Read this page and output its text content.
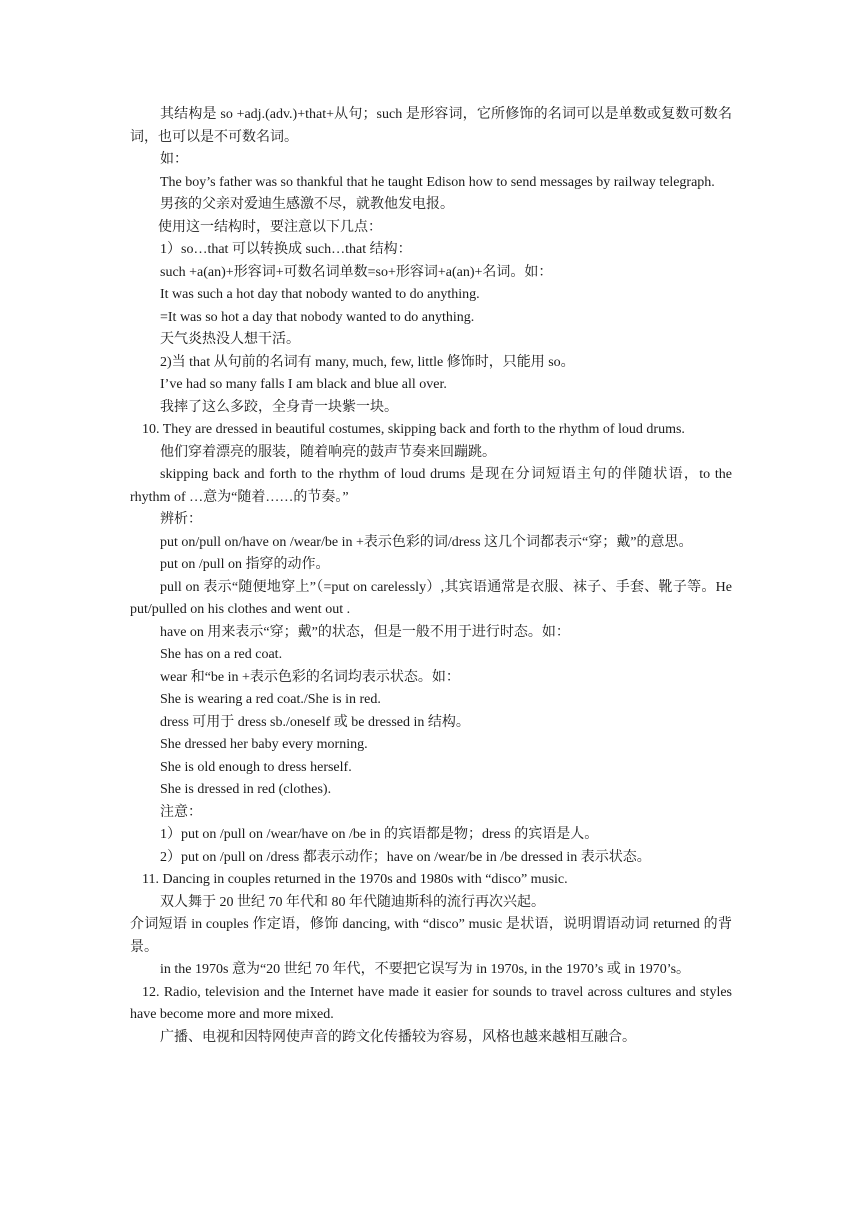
其结构是 so +adj.(adv.)+that+从句；such 是形容词，它所修饰的名词可以是单数或复数可数名词，也可以是不可数名词。

如：

The boy’s father was so thankful that he taught Edison how to send messages by railway telegraph.

男孩的父亲对爱迪生感激不尽，就教他发电报。

使用这一结构时，要注意以下几点：

1）so…that 可以转换成 such…that 结构：

such +a(an)+形容词+可数名词单数=so+形容词+a(an)+名词。如：

It was such a hot day that nobody wanted to do anything.

=It was so hot a day that nobody wanted to do anything.

天气炎热没人想干活。

2)当 that 从句前的名词有 many, much, few, little 修饰时，只能用 so。

I’ve had so many falls I am black and blue all over.

我摔了这么多跤，全身青一块紫一块。

10. They are dressed in beautiful costumes, skipping back and forth to the rhythm of loud drums.

他们穿着漂亮的服装，随着响亮的鼓声节奏来回蹦跳。

skipping back and forth to the rhythm of loud drums 是现在分词短语主句的伴随状语，to the rhythm of …意为“随着……的节奏。”

辨析：

put on/pull on/have on /wear/be in +表示色彩的词/dress 这几个词都表示“穿；戴”的意思。

put on /pull on 指穿的动作。

pull on 表示“随便地穿上”（=put on carelessly）,其宾语通常是衣服、袜子、手套、靴子等。He put/pulled on his clothes and went out .

have on 用来表示“穿；戴”的状态，但是一般不用于进行时态。如：

She has on a red coat.

wear 和“be in +表示色彩的名词均表示状态。如：

She is wearing a red coat./She is in red.

dress 可用于 dress sb./oneself 或 be dressed in 结构。

She dressed her baby every morning.

She is old enough to dress herself.

She is dressed in red (clothes).

注意：

1）put on /pull on /wear/have on /be in 的宾语都是物；dress 的宾语是人。

2）put on /pull on /dress 都表示动作；have on /wear/be in /be dressed in 表示状态。

11. Dancing in couples returned in the 1970s and 1980s with “disco” music.

双人舞于 20 世纪 70 年代和 80 年代随迪斯科的流行再次兴起。

介词短语 in couples 作定语，修饰 dancing, with “disco” music 是状语，说明谓语动词 returned 的背景。

in the 1970s 意为“20 世纪 70 年代，不要把它误写为 in 1970s, in the 1970’s 或 in 1970’s。

12. Radio, television and the Internet have made it easier for sounds to travel across cultures and styles have become more and more mixed.

广播、电视和因特网使声音的跨文化传播较为容易，风格也越来越相互融合。
